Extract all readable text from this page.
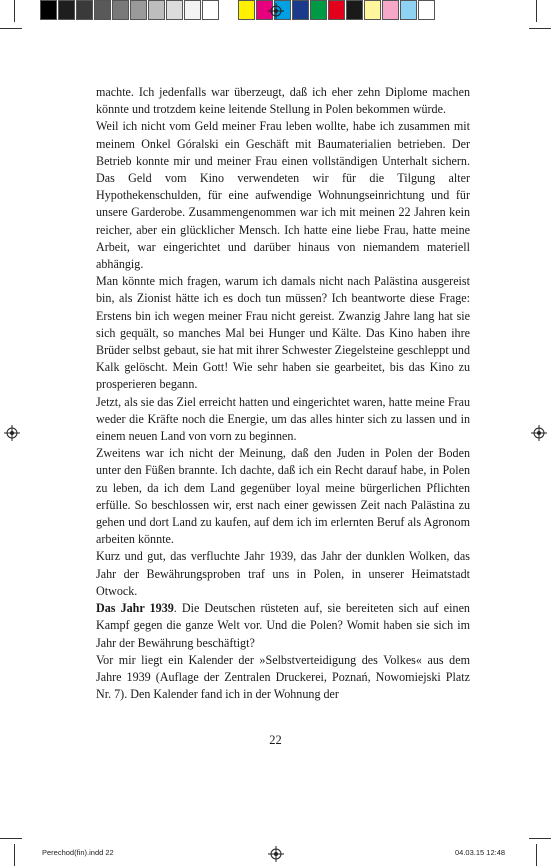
machte. Ich jedenfalls war überzeugt, daß ich eher zehn Diplome machen könnte und trotzdem keine leitende Stellung in Polen bekommen würde.

Weil ich nicht vom Geld meiner Frau leben wollte, habe ich zusammen mit meinem Onkel Góralski ein Geschäft mit Baumaterialien betrieben. Der Betrieb konnte mir und meiner Frau einen vollständigen Unterhalt sichern. Das Geld vom Kino verwendeten wir für die Tilgung alter Hypothekenschulden, für eine aufwendige Wohnungseinrichtung und für unsere Garderobe. Zusammengenommen war ich mit meinen 22 Jahren kein reicher, aber ein glücklicher Mensch. Ich hatte eine liebe Frau, hatte meine Arbeit, war eingerichtet und darüber hinaus von niemandem materiell abhängig.

Man könnte mich fragen, warum ich damals nicht nach Palästina ausgereist bin, als Zionist hätte ich es doch tun müssen? Ich beantworte diese Frage: Erstens bin ich wegen meiner Frau nicht gereist. Zwanzig Jahre lang hat sie sich gequält, so manches Mal bei Hunger und Kälte. Das Kino haben ihre Brüder selbst gebaut, sie hat mit ihrer Schwester Ziegelsteine geschleppt und Kalk gelöscht. Mein Gott! Wie sehr haben sie gearbeitet, bis das Kino zu prosperieren begann.

Jetzt, als sie das Ziel erreicht hatten und eingerichtet waren, hatte meine Frau weder die Kräfte noch die Energie, um das alles hinter sich zu lassen und in einem neuen Land von vorn zu beginnen.

Zweitens war ich nicht der Meinung, daß den Juden in Polen der Boden unter den Füßen brannte. Ich dachte, daß ich ein Recht darauf habe, in Polen zu leben, da ich dem Land gegenüber loyal meine bürgerlichen Pflichten erfülle. So beschlossen wir, erst nach einer gewissen Zeit nach Palästina zu gehen und dort Land zu kaufen, auf dem ich im erlernten Beruf als Agronom arbeiten könnte.

Kurz und gut, das verfluchte Jahr 1939, das Jahr der dunklen Wolken, das Jahr der Bewährungsproben traf uns in Polen, in unserer Heimatstadt Otwock.

Das Jahr 1939. Die Deutschen rüsteten auf, sie bereiteten sich auf einen Kampf gegen die ganze Welt vor. Und die Polen? Womit haben sie sich im Jahr der Bewährung beschäftigt?

Vor mir liegt ein Kalender der »Selbstverteidigung des Volkes« aus dem Jahre 1939 (Auflage der Zentralen Druckerei, Poznań, Nowomiejski Platz Nr. 7). Den Kalender fand ich in der Wohnung der

22
Perechod(fin).indd 22	04.03.15 12:48
